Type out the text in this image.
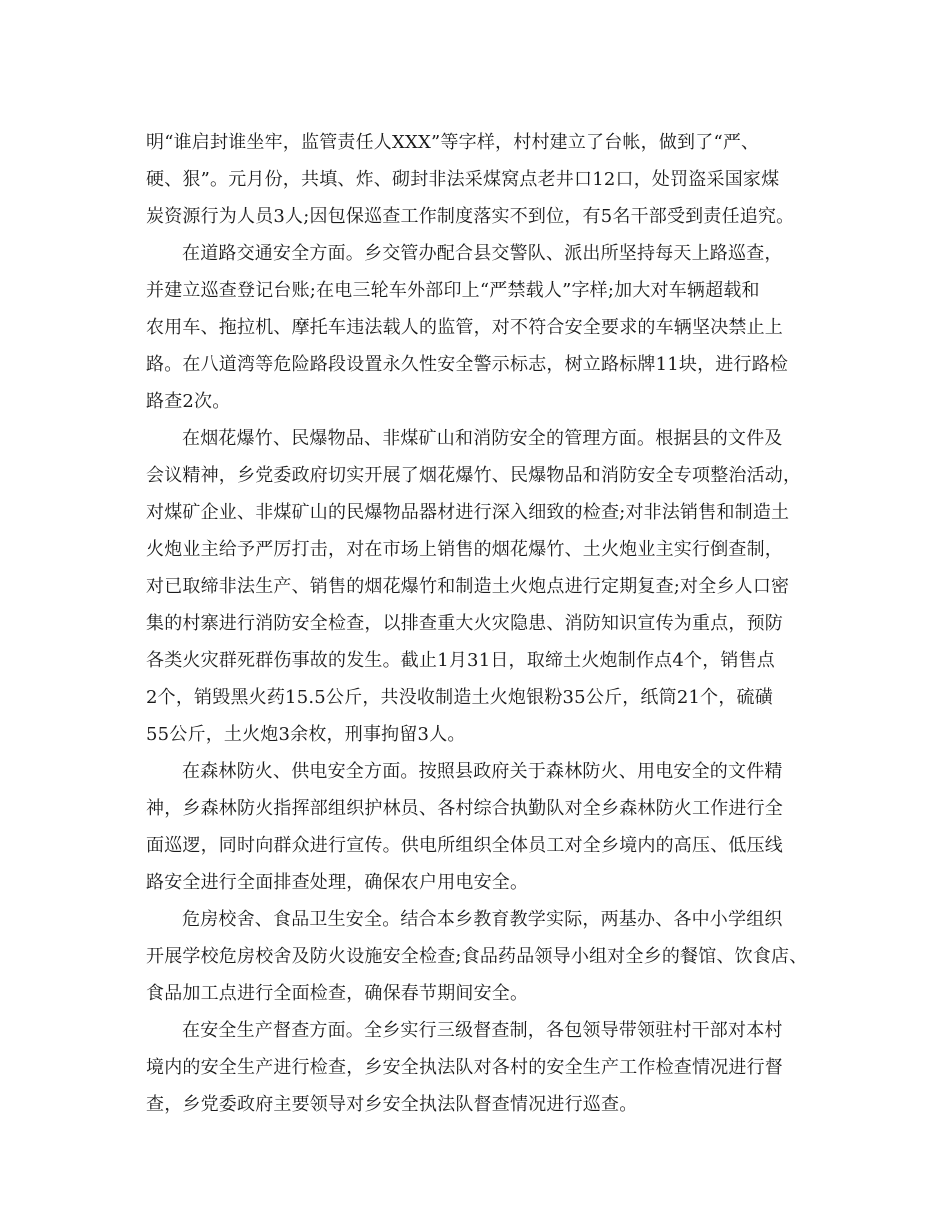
明“谁启封谁坐牢，监管责任人XXX”等字样，村村建立了台帐，做到了“严、

硬、狠”。元月份，共填、炸、砌封非法采煤窝点老井口12口，处罚盗采国家煤

炭资源行为人员3人;因包保巡查工作制度落实不到位，有5名干部受到责任追究。

在道路交通安全方面。乡交管办配合县交警队、派出所坚持每天上路巡查，

并建立巡查登记台账;在电三轮车外部印上“严禁载人”字样;加大对车辆超载和

农用车、拖拉机、摩托车违法载人的监管，对不符合安全要求的车辆坚决禁止上

路。在八道湾等危险路段设置永久性安全警示标志，树立路标牌11块，进行路检

路查2次。

在烟花爆竹、民爆物品、非煤矿山和消防安全的管理方面。根据县的文件及

会议精神，乡党委政府切实开展了烟花爆竹、民爆物品和消防安全专项整治活动，

对煤矿企业、非煤矿山的民爆物品器材进行深入细致的检查;对非法销售和制造土

火炮业主给予严厉打击，对在市场上销售的烟花爆竹、土火炮业主实行倒查制，

对已取缔非法生产、销售的烟花爆竹和制造土火炮点进行定期复查;对全乡人口密

集的村寨进行消防安全检查，以排查重大火灾隐患、消防知识宣传为重点，预防

各类火灾群死群伤事故的发生。截止1月31日，取缔土火炮制作点4个，销售点

2个，销毁黑火药15.5公斤，共没收制造土火炮银粉35公斤，纸筒21个，硫磺

55公斤，土火炮3余枚，刑事拘留3人。

在森林防火、供电安全方面。按照县政府关于森林防火、用电安全的文件精

神，乡森林防火指挥部组织护林员、各村综合执勤队对全乡森林防火工作进行全

面巡逻，同时向群众进行宣传。供电所组织全体员工对全乡境内的高压、低压线

路安全进行全面排查处理，确保农户用电安全。

危房校舍、食品卫生安全。结合本乡教育教学实际，两基办、各中小学组织

开展学校危房校舍及防火设施安全检查;食品药品领导小组对全乡的餐馆、饮食店、

食品加工点进行全面检查，确保春节期间安全。

在安全生产督查方面。全乡实行三级督查制，各包领导带领驻村干部对本村

境内的安全生产进行检查，乡安全执法队对各村的安全生产工作检查情况进行督

查，乡党委政府主要领导对乡安全执法队督查情况进行巡查。
